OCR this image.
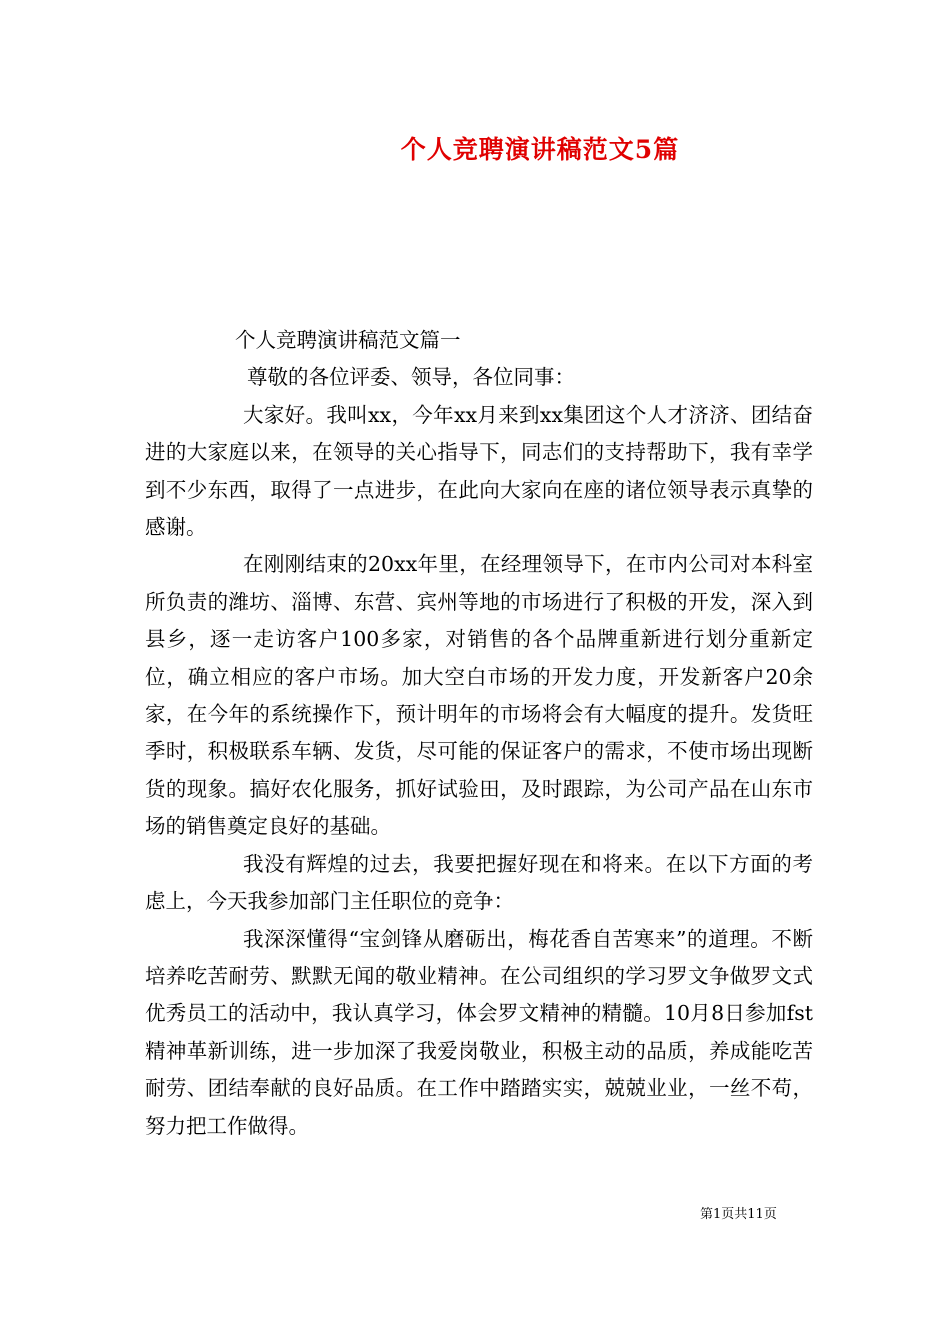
个人竞聘演讲稿范文5篇

个人竞聘演讲稿范文篇一

尊敬的各位评委、领导，各位同事：

大家好。我叫xx，今年xx月来到xx集团这个人才济济、团结奋进的大家庭以来，在领导的关心指导下，同志们的支持帮助下，我有幸学到不少东西，取得了一点进步，在此向大家向在座的诸位领导表示真挚的感谢。

在刚刚结束的20xx年里，在经理领导下，在市内公司对本科室所负责的潍坊、淄博、东营、宾州等地的市场进行了积极的开发，深入到县乡，逐一走访客户100多家，对销售的各个品牌重新进行划分重新定位，确立相应的客户市场。加大空白市场的开发力度，开发新客户20余家，在今年的系统操作下，预计明年的市场将会有大幅度的提升。发货旺季时，积极联系车辆、发货，尽可能的保证客户的需求，不使市场出现断货的现象。搞好农化服务，抓好试验田，及时跟踪，为公司产品在山东市场的销售奠定良好的基础。

我没有辉煌的过去，我要把握好现在和将来。在以下方面的考虑上，今天我参加部门主任职位的竞争：

我深深懂得“宝剑锋从磨砺出，梅花香自苦寒来”的道理。不断培养吃苦耐劳、默默无闻的敬业精神。在公司组织的学习罗文争做罗文式优秀员工的活动中，我认真学习，体会罗文精神的精髓。10月8日参加fst精神革新训练，进一步加深了我爱岗敬业，积极主动的品质，养成能吃苦耐劳、团结奉献的良好品质。在工作中踏踏实实，兢兢业业，一丝不苟，努力把工作做得。

第1页共11页
